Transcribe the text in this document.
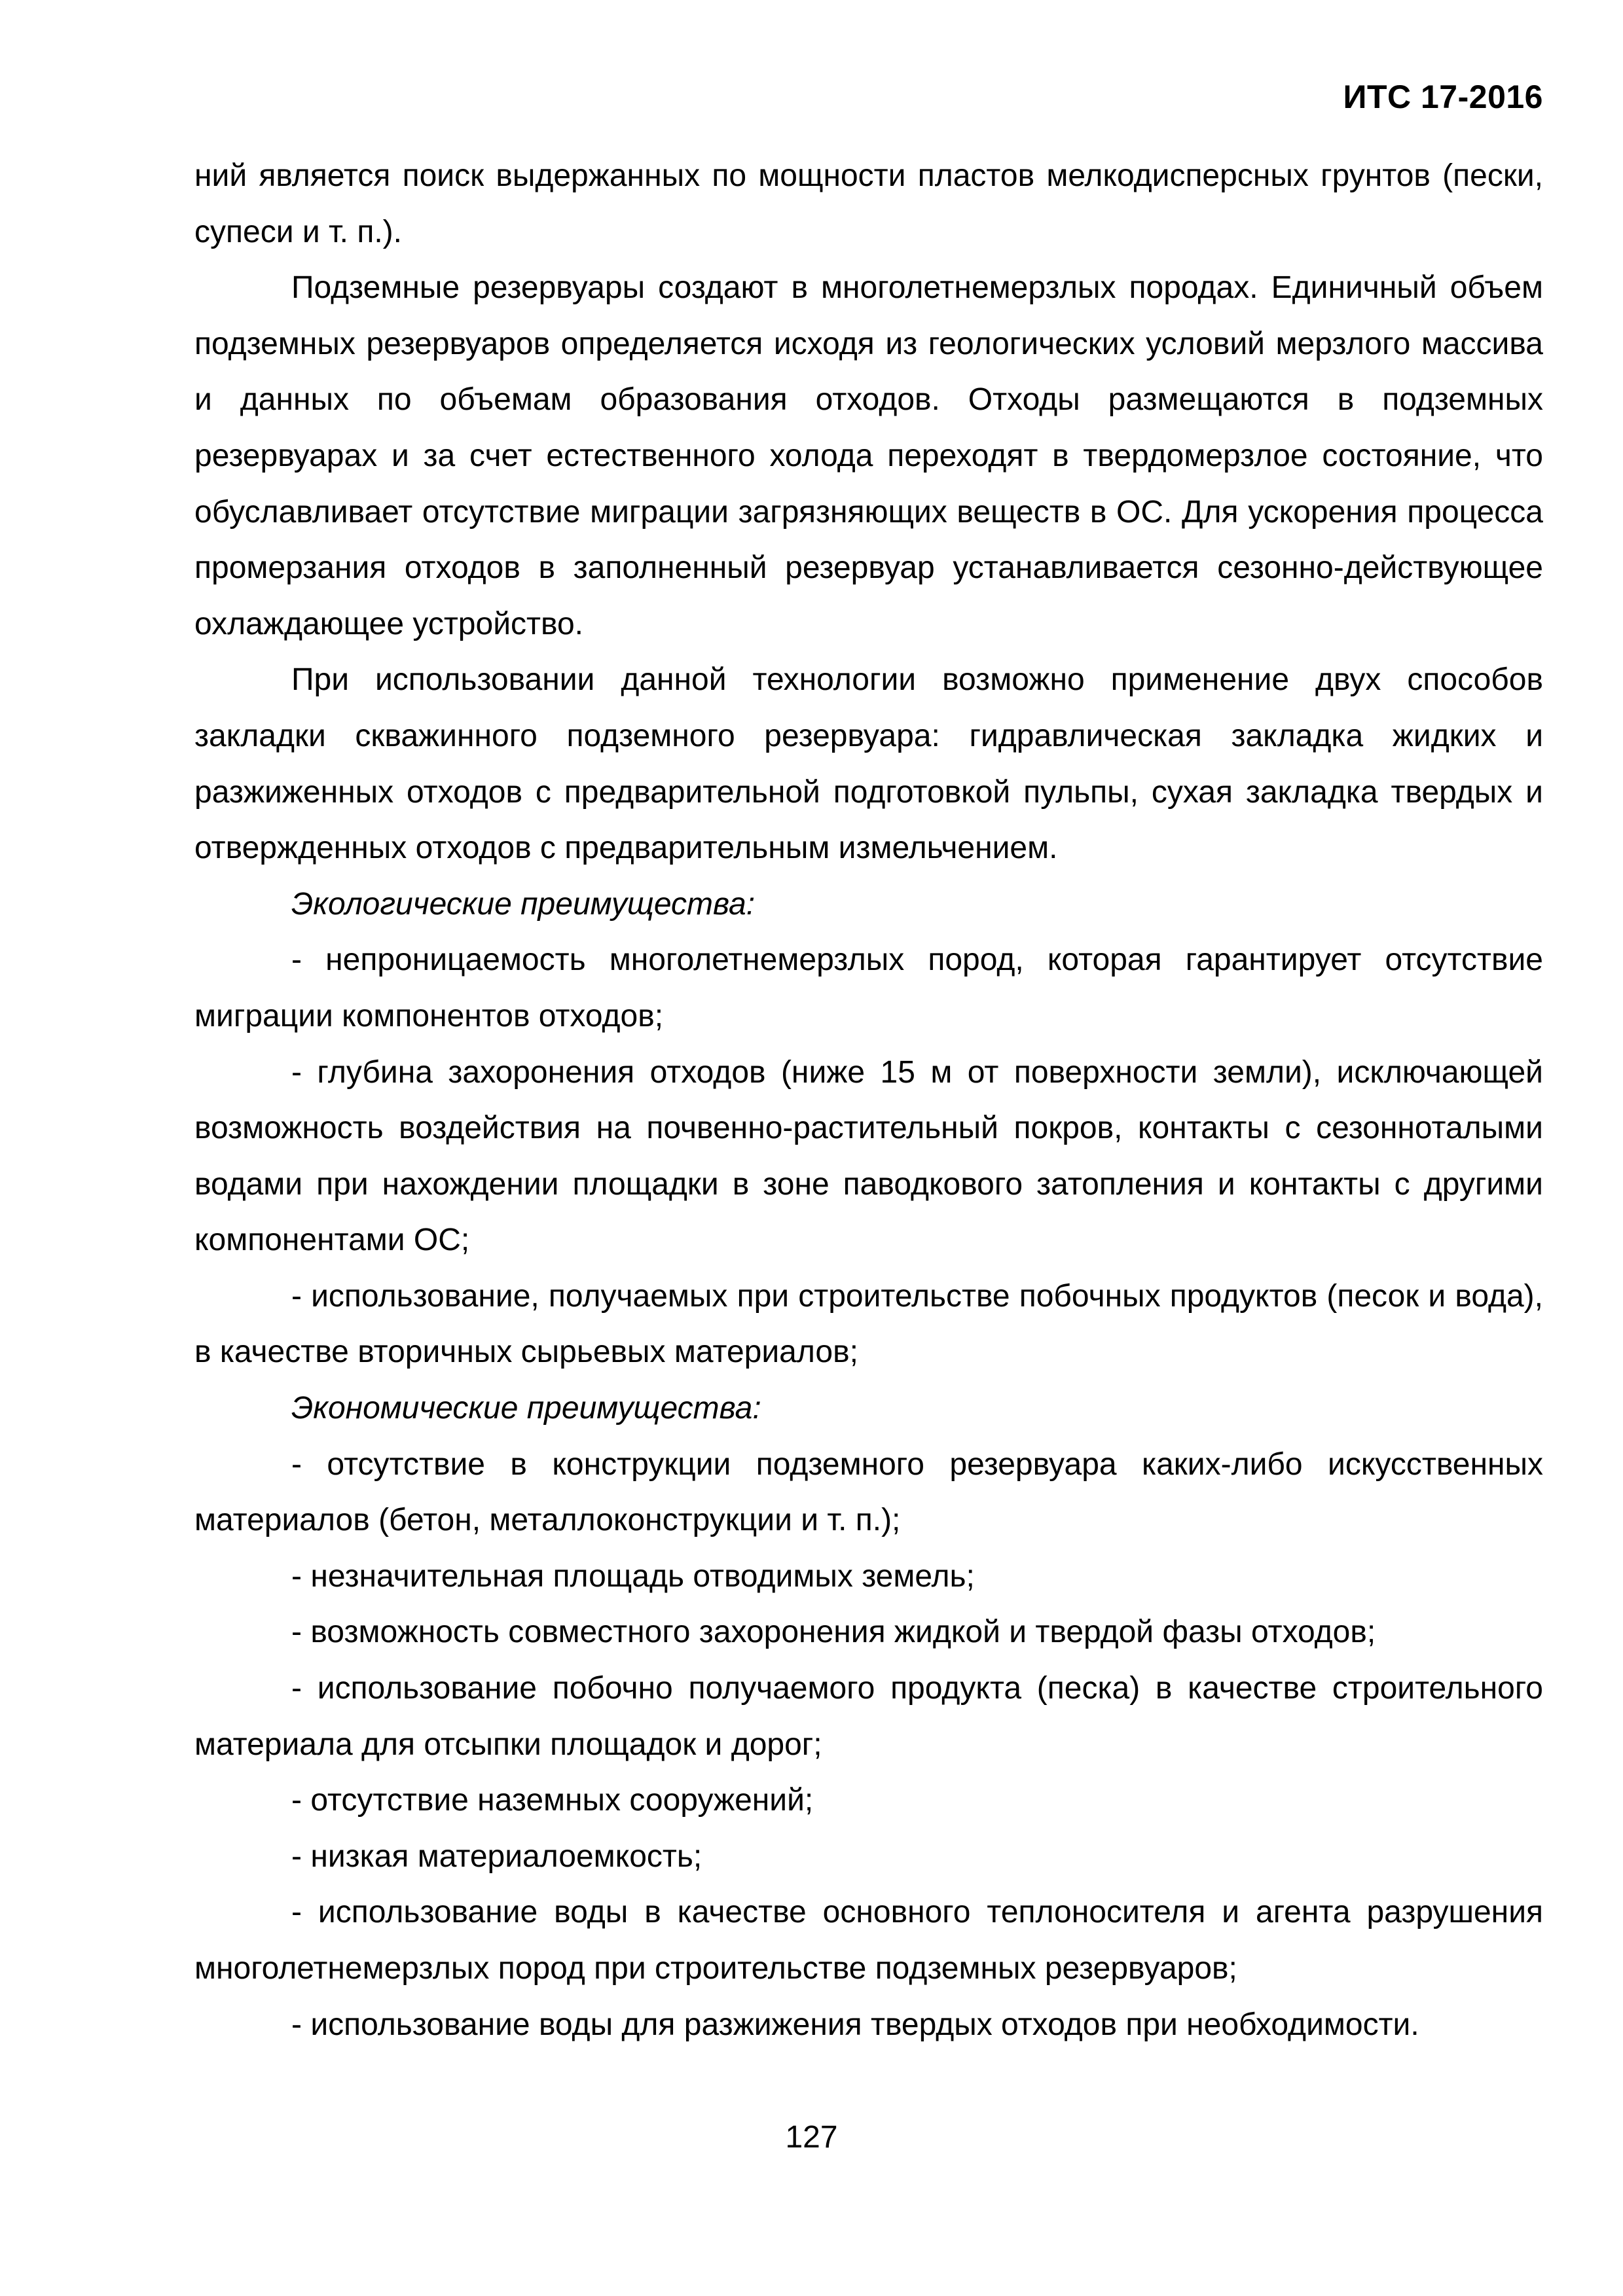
ИТС 17-2016

ний является поиск выдержанных по мощности пластов мелкодисперсных грунтов (пески, супеси и т. п.).

Подземные резервуары создают в многолетнемерзлых породах. Единичный объем подземных резервуаров определяется исходя из геологических условий мерзлого массива и данных по объемам образования отходов. Отходы размещаются в подземных резервуарах и за счет естественного холода переходят в твердомерзлое состояние, что обуславливает отсутствие миграции загрязняющих веществ в ОС. Для ускорения процесса промерзания отходов в заполненный резервуар устанавливается сезонно-действующее охлаждающее устройство.

При использовании данной технологии возможно применение двух способов закладки скважинного подземного резервуара: гидравлическая закладка жидких и разжиженных отходов с предварительной подготовкой пульпы, сухая закладка твердых и отвержденных отходов с предварительным измельчением.

Экологические преимущества:

- непроницаемость многолетнемерзлых пород, которая гарантирует отсутствие миграции компонентов отходов;

- глубина захоронения отходов (ниже 15 м от поверхности земли), исключающей возможность воздействия на почвенно-растительный покров, контакты с сезонноталыми водами при нахождении площадки в зоне паводкового затопления и контакты с другими компонентами ОС;

- использование, получаемых при строительстве побочных продуктов (песок и вода), в качестве вторичных сырьевых материалов;

Экономические преимущества:

- отсутствие в конструкции подземного резервуара каких-либо искусственных материалов (бетон, металлоконструкции и т. п.);

- незначительная площадь отводимых земель;

- возможность совместного захоронения жидкой и твердой фазы отходов;

- использование побочно получаемого продукта (песка) в качестве строительного материала для отсыпки площадок и дорог;

- отсутствие наземных сооружений;

- низкая материалоемкость;

- использование воды в качестве основного теплоносителя и агента разрушения многолетнемерзлых пород при строительстве подземных резервуаров;

- использование воды для разжижения твердых отходов при необходимости.

127
